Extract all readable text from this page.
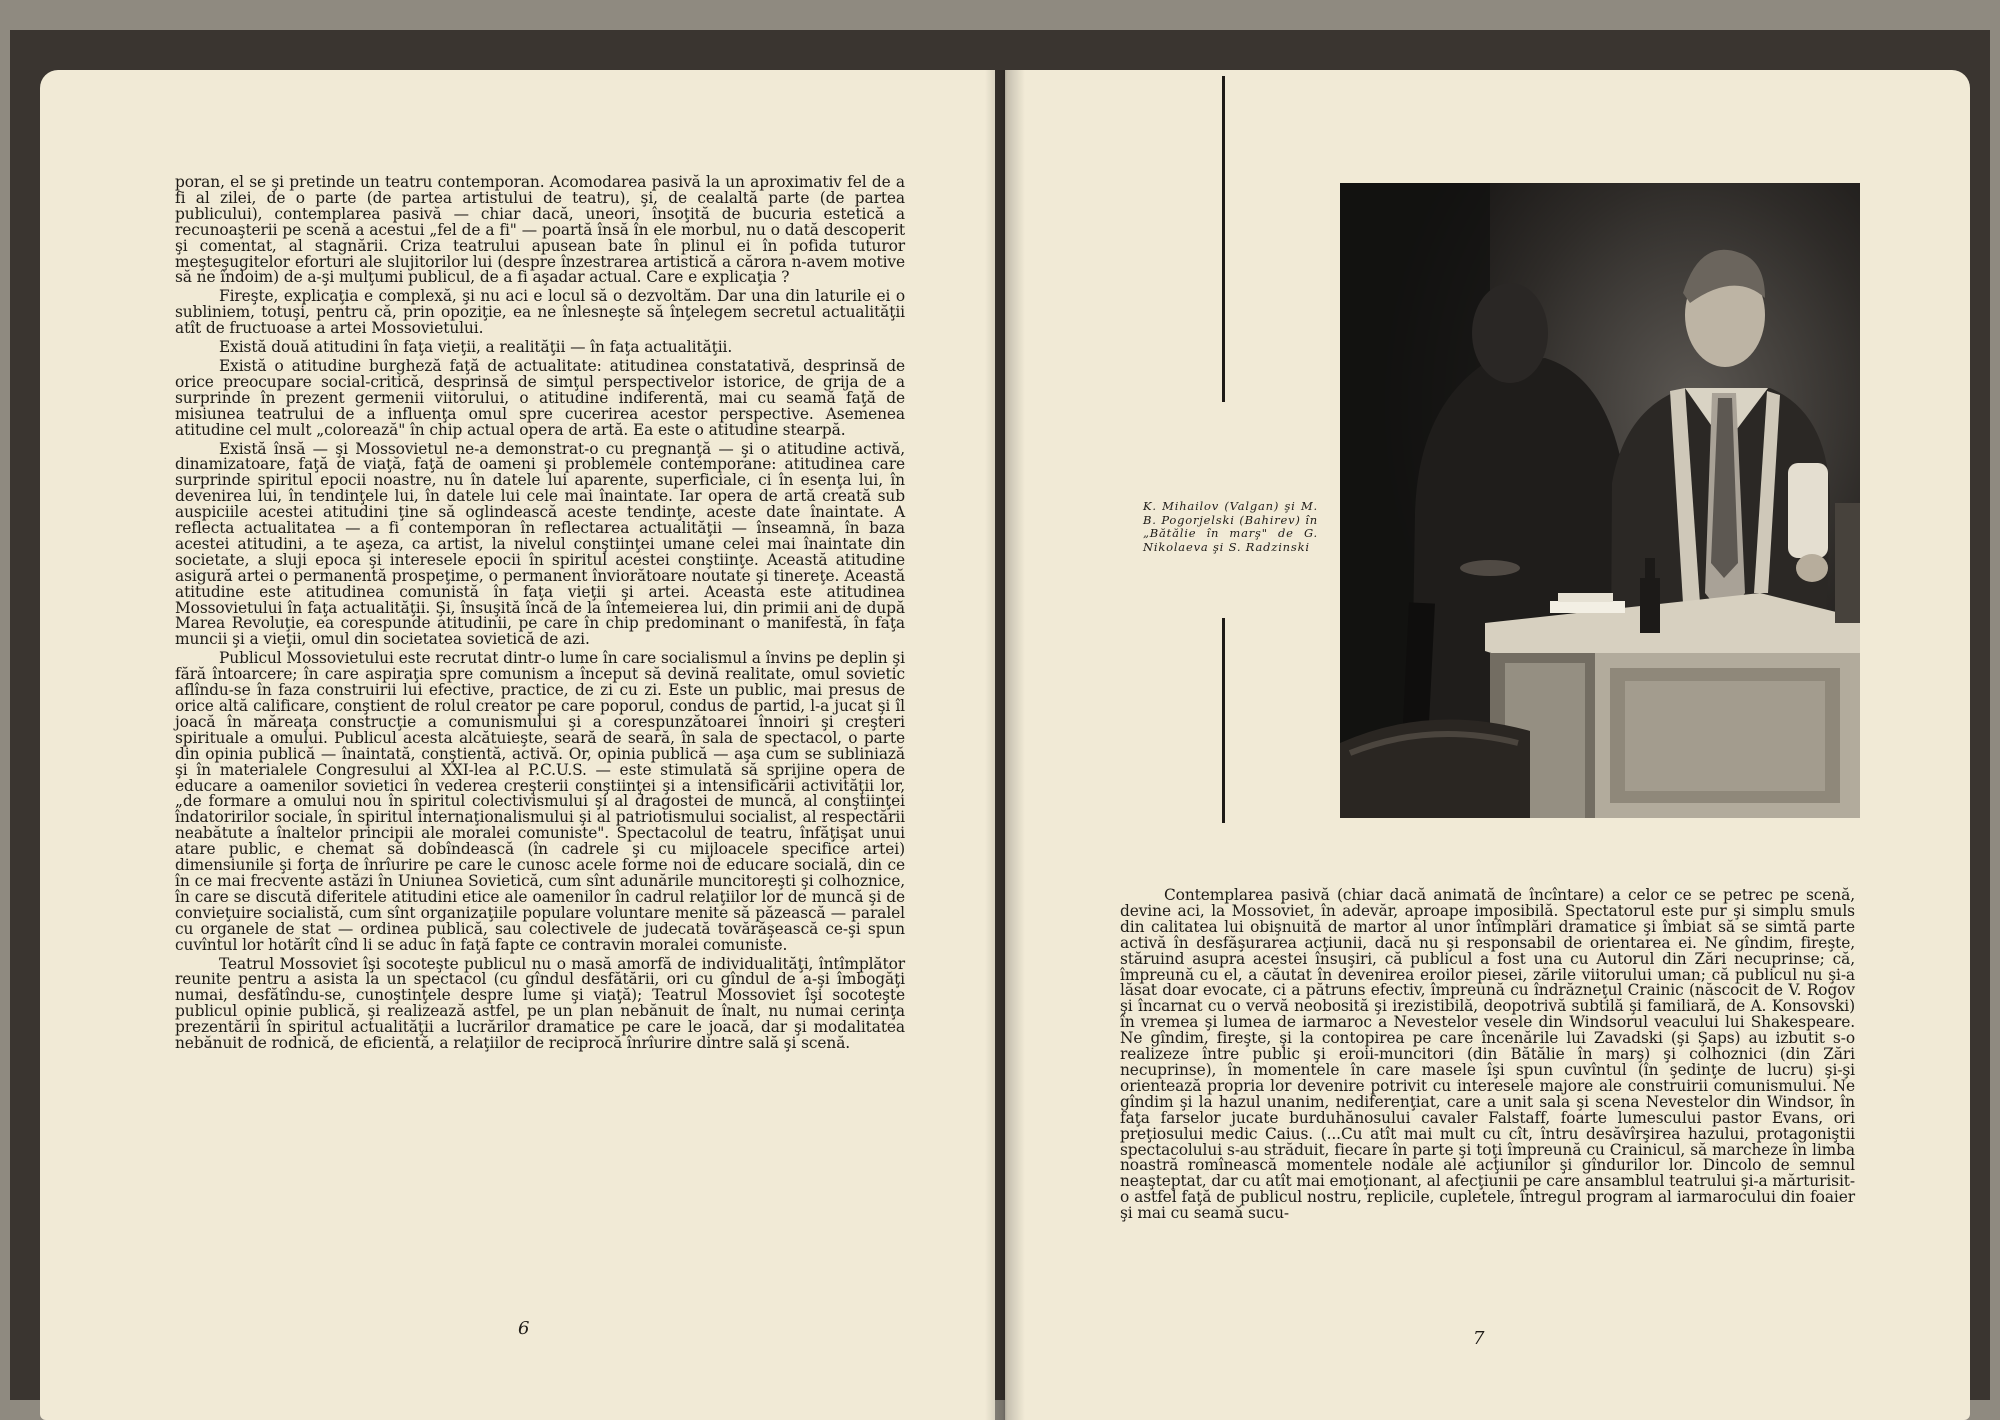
poran, el se şi pretinde un teatru contemporan. Acomodarea pasivă la un aproximativ fel de a fi al zilei, de o parte (de partea artistului de teatru), şi, de cealaltă parte (de partea publicului), contemplarea pasivă — chiar dacă, uneori, însoţită de bucuria estetică a recunoaşterii pe scenă a acestui „fel de a fi" — poartă însă în ele morbul, nu o dată descoperit şi comentat, al stagnării. Criza teatrului apusean bate în plinul ei în pofida tuturor meşteşugitelor eforturi ale slujitorilor lui (despre înzestrarea artistică a cărora n-avem motive să ne îndoim) de a-şi mulţumi publicul, de a fi aşadar actual. Care e explicaţia ?

Fireşte, explicaţia e complexă, şi nu aci e locul să o dezvoltăm. Dar una din laturile ei o subliniem, totuşi, pentru că, prin opoziţie, ea ne înlesneşte să înţelegem secretul actualităţii atît de fructuoase a artei Mossovietului.

Există două atitudini în faţa vieţii, a realităţii — în faţa actualităţii.

Există o atitudine burgheză faţă de actualitate: atitudinea constatativă, desprinsă de orice preocupare social-critică, desprinsă de simţul perspectivelor istorice, de grija de a surprinde în prezent germenii viitorului, o atitudine indiferentă, mai cu seamă faţă de misiunea teatrului de a influenţa omul spre cucerirea acestor perspective. Asemenea atitudine cel mult „colorează" în chip actual opera de artă. Ea este o atitudine stearpă.

Există însă — şi Mossovietul ne-a demonstrat-o cu pregnanţă — şi o atitudine activă, dinamizatoare, faţă de viaţă, faţă de oameni şi problemele contemporane: atitudinea care surprinde spiritul epocii noastre, nu în datele lui aparente, superficiale, ci în esenţa lui, în devenirea lui, în tendinţele lui, în datele lui cele mai înaintate. Iar opera de artă creată sub auspiciile acestei atitudini ţine să oglindească aceste tendinţe, aceste date înaintate. A reflecta actualitatea — a fi contemporan în reflectarea actualităţii — înseamnă, în baza acestei atitudini, a te aşeza, ca artist, la nivelul conştiinţei umane celei mai înaintate din societate, a sluji epoca şi interesele epocii în spiritul acestei conştiinţe. Această atitudine asigură artei o permanentă prospeţime, o permanent înviorătoare noutate şi tinereţe. Această atitudine este atitudinea comunistă în faţa vieţii şi artei. Aceasta este atitudinea Mossovietului în faţa actualităţii. Şi, însuşită încă de la întemeierea lui, din primii ani de după Marea Revoluţie, ea corespunde atitudinii, pe care în chip predominant o manifestă, în faţa muncii şi a vieţii, omul din societatea sovietică de azi.

Publicul Mossovietului este recrutat dintr-o lume în care socialismul a învins pe deplin şi fără întoarcere; în care aspiraţia spre comunism a început să devină realitate, omul sovietic aflîndu-se în faza construirii lui efective, practice, de zi cu zi. Este un public, mai presus de orice altă calificare, conştient de rolul creator pe care poporul, condus de partid, l-a jucat şi îl joacă în măreaţa construcţie a comunismului şi a corespunzătoarei înnoiri şi creşteri spirituale a omului. Publicul acesta alcătuieşte, seară de seară, în sala de spectacol, o parte din opinia publică — înaintată, conştientă, activă. Or, opinia publică — aşa cum se subliniază şi în materialele Congresului al XXI-lea al P.C.U.S. — este stimulată să sprijine opera de educare a oamenilor sovietici în vederea creşterii conştiinţei şi a intensificării activităţii lor, „de formare a omului nou în spiritul colectivismului şi al dragostei de muncă, al conştiinţei îndatoririlor sociale, în spiritul internaţionalismului şi al patriotismului socialist, al respectării neabătute a înaltelor principii ale moralei comuniste". Spectacolul de teatru, înfăţişat unui atare public, e chemat să dobîndească (în cadrele şi cu mijloacele specifice artei) dimensiunile şi forţa de înrîurire pe care le cunosc acele forme noi de educare socială, din ce în ce mai frecvente astăzi în Uniunea Sovietică, cum sînt adunările muncitoreşti şi colhoznice, în care se discută diferitele atitudini etice ale oamenilor în cadrul relaţiilor lor de muncă şi de convieţuire socialistă, cum sînt organizaţiile populare voluntare menite să păzească — paralel cu organele de stat — ordinea publică, sau colectivele de judecată tovărăşească ce-şi spun cuvîntul lor hotărît cînd li se aduc în faţă fapte ce contravin moralei comuniste.

Teatrul Mossoviet îşi socoteşte publicul nu o masă amorfă de individualităţi, întîmplător reunite pentru a asista la un spectacol (cu gîndul desfătării, ori cu gîndul de a-şi îmbogăţi numai, desfătîndu-se, cunoştinţele despre lume şi viaţă); Teatrul Mossoviet îşi socoteşte publicul opinie publică, şi realizează astfel, pe un plan nebănuit de înalt, nu numai cerinţa prezentării în spiritul actualităţii a lucrărilor dramatice pe care le joacă, dar şi modalitatea nebănuit de rodnică, de eficientă, a relaţiilor de reciprocă înrîurire dintre sală şi scenă.

6
K. Mihailov (Valgan) şi M. B. Pogorjelski (Bahirev) în „Bătălie în marş" de G. Nikolaeva şi S. Radzinski

Contemplarea pasivă (chiar dacă animată de încîntare) a celor ce se petrec pe scenă, devine aci, la Mossoviet, în adevăr, aproape imposibilă. Spectatorul este pur şi simplu smuls din calitatea lui obişnuită de martor al unor întîmplări dramatice şi îmbiat să se simtă parte activă în desfăşurarea acţiunii, dacă nu şi responsabil de orientarea ei. Ne gîndim, fireşte, stăruind asupra acestei însuşiri, că publicul a fost una cu Autorul din Zări necuprinse; că, împreună cu el, a căutat în devenirea eroilor piesei, zările viitorului uman; că publicul nu şi-a lăsat doar evocate, ci a pătruns efectiv, împreună cu îndrăzneţul Crainic (născocit de V. Rogov şi încarnat cu o vervă neobosită şi irezistibilă, deopotrivă subtilă şi familiară, de A. Konsovski) în vremea şi lumea de iarmaroc a Nevestelor vesele din Windsorul veacului lui Shakespeare. Ne gîndim, fireşte, şi la contopirea pe care încenările lui Zavadski (şi Şaps) au izbutit s-o realizeze între public şi eroii-muncitori (din Bătălie în marş) şi colhoznici (din Zări necuprinse), în momentele în care masele îşi spun cuvîntul (în şedinţe de lucru) şi-şi orientează propria lor devenire potrivit cu interesele majore ale construirii comunismului. Ne gîndim şi la hazul unanim, nediferenţiat, care a unit sala şi scena Nevestelor din Windsor, în faţa farselor jucate burduhănosului cavaler Falstaff, foarte lumescului pastor Evans, ori preţiosului medic Caius. (...Cu atît mai mult cu cît, întru desăvîrşirea hazului, protagoniştii spectacolului s-au străduit, fiecare în parte şi toţi împreună cu Crainicul, să marcheze în limba noastră romînească momentele nodale ale acţiunilor şi gîndurilor lor. Dincolo de semnul neaşteptat, dar cu atît mai emoţionant, al afecţiunii pe care ansamblul teatrului şi-a mărturisit-o astfel faţă de publicul nostru, replicile, cupletele, întregul program al iarmarocului din foaier şi mai cu seamă sucu-

7
